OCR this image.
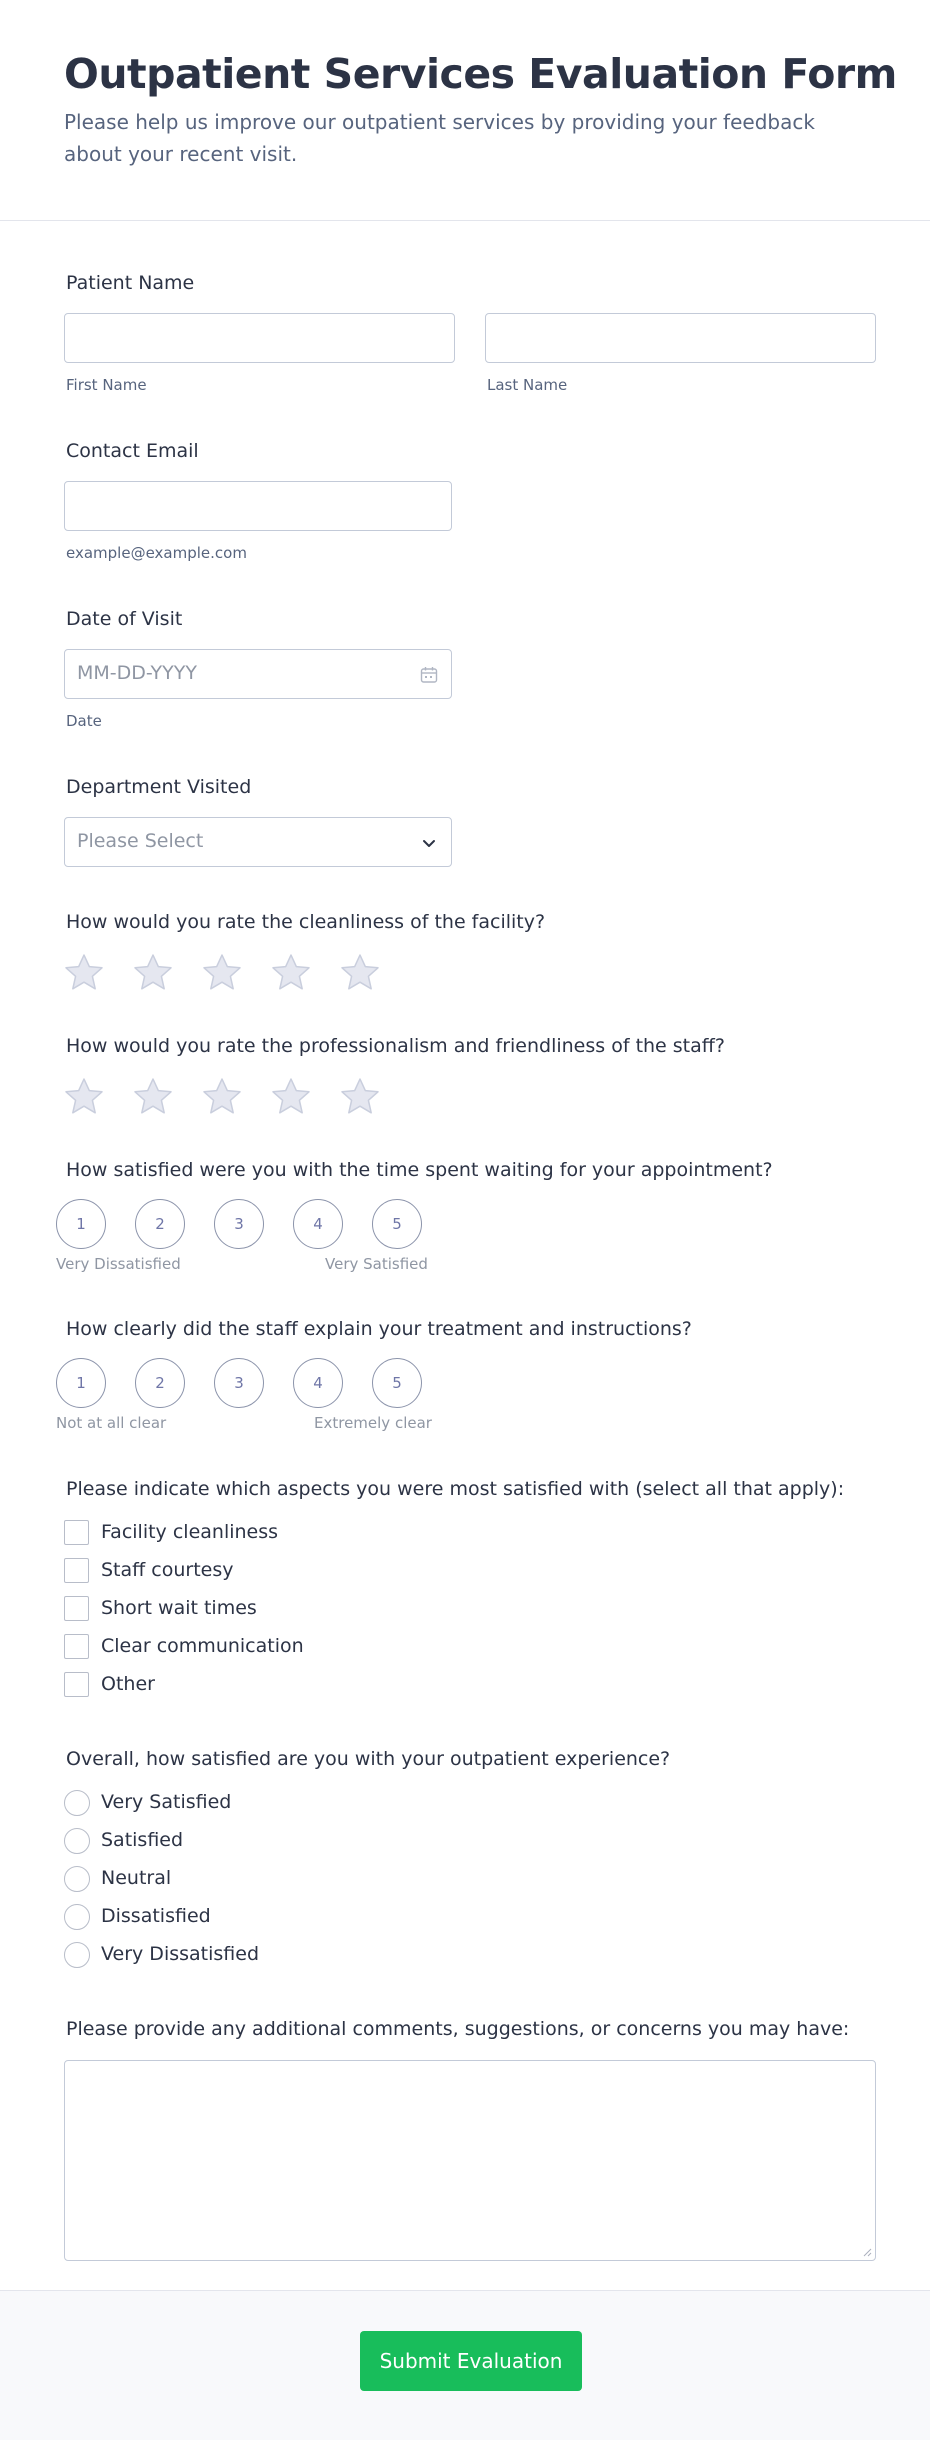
Outpatient Services Evaluation Form
Please help us improve our outpatient services by providing your feedback about your recent visit.
Patient Name
First Name	Last Name
Contact Email
example@example.com
Date of Visit
MM-DD-YYYY
Date
Department Visited
Please Select
How would you rate the cleanliness of the facility?
How would you rate the professionalism and friendliness of the staff?
How satisfied were you with the time spent waiting for your appointment?
1	2	3	4	5
Very Dissatisfied	Very Satisfied
How clearly did the staff explain your treatment and instructions?
1	2	3	4	5
Not at all clear	Extremely clear
Please indicate which aspects you were most satisfied with (select all that apply):
Facility cleanliness
Staff courtesy
Short wait times
Clear communication
Other
Overall, how satisfied are you with your outpatient experience?
Very Satisfied
Satisfied
Neutral
Dissatisfied
Very Dissatisfied
Please provide any additional comments, suggestions, or concerns you may have:
Submit Evaluation
